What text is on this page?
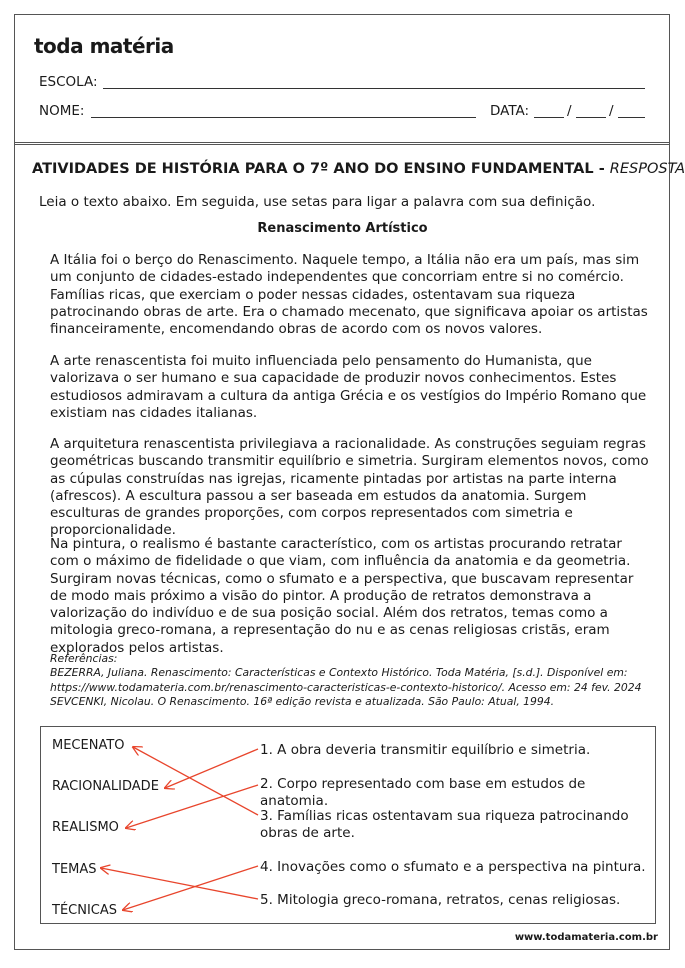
toda matéria
ESCOLA:
NOME:	DATA:	/	/
ATIVIDADES DE HISTÓRIA PARA O 7º ANO DO ENSINO FUNDAMENTAL - RESPOSTA
Leia o texto abaixo. Em seguida, use setas para ligar a palavra com sua definição.
Renascimento Artístico

A Itália foi o berço do Renascimento. Naquele tempo, a Itália não era um país, mas sim um conjunto de cidades-estado independentes que concorriam entre si no comércio. Famílias ricas, que exerciam o poder nessas cidades, ostentavam sua riqueza patrocinando obras de arte. Era o chamado mecenato, que significava apoiar os artistas financeiramente, encomendando obras de acordo com os novos valores.

A arte renascentista foi muito influenciada pelo pensamento do Humanista, que valorizava o ser humano e sua capacidade de produzir novos conhecimentos. Estes estudiosos admiravam a cultura da antiga Grécia e os vestígios do Império Romano que existiam nas cidades italianas.

A arquitetura renascentista privilegiava a racionalidade. As construções seguiam regras geométricas buscando transmitir equilíbrio e simetria. Surgiram elementos novos, como as cúpulas construídas nas igrejas, ricamente pintadas por artistas na parte interna (afrescos). A escultura passou a ser baseada em estudos da anatomia. Surgem esculturas de grandes proporções, com corpos representados com simetria e proporcionalidade.

Na pintura, o realismo é bastante característico, com os artistas procurando retratar com o máximo de fidelidade o que viam, com influência da anatomia e da geometria. Surgiram novas técnicas, como o sfumato e a perspectiva, que buscavam representar de modo mais próximo a visão do pintor. A produção de retratos demonstrava a valorização do indivíduo e de sua posição social. Além dos retratos, temas como a mitologia greco-romana, a representação do nu e as cenas religiosas cristãs, eram explorados pelos artistas.

Referências:
BEZERRA, Juliana. Renascimento: Características e Contexto Histórico. Toda Matéria, [s.d.]. Disponível em:
https://www.todamateria.com.br/renascimento-caracteristicas-e-contexto-historico/. Acesso em: 24 fev. 2024
SEVCENKI, Nicolau. O Renascimento. 16ª edição revista e atualizada. São Paulo: Atual, 1994.
MECENATO
RACIONALIDADE
REALISMO
TEMAS
TÉCNICAS
1. A obra deveria transmitir equilíbrio e simetria.
2. Corpo representado com base em estudos de anatomia.
3. Famílias ricas ostentavam sua riqueza patrocinando obras de arte.
4. Inovações como o sfumato e a perspectiva na pintura.
5. Mitologia greco-romana, retratos, cenas religiosas.
www.todamateria.com.br
